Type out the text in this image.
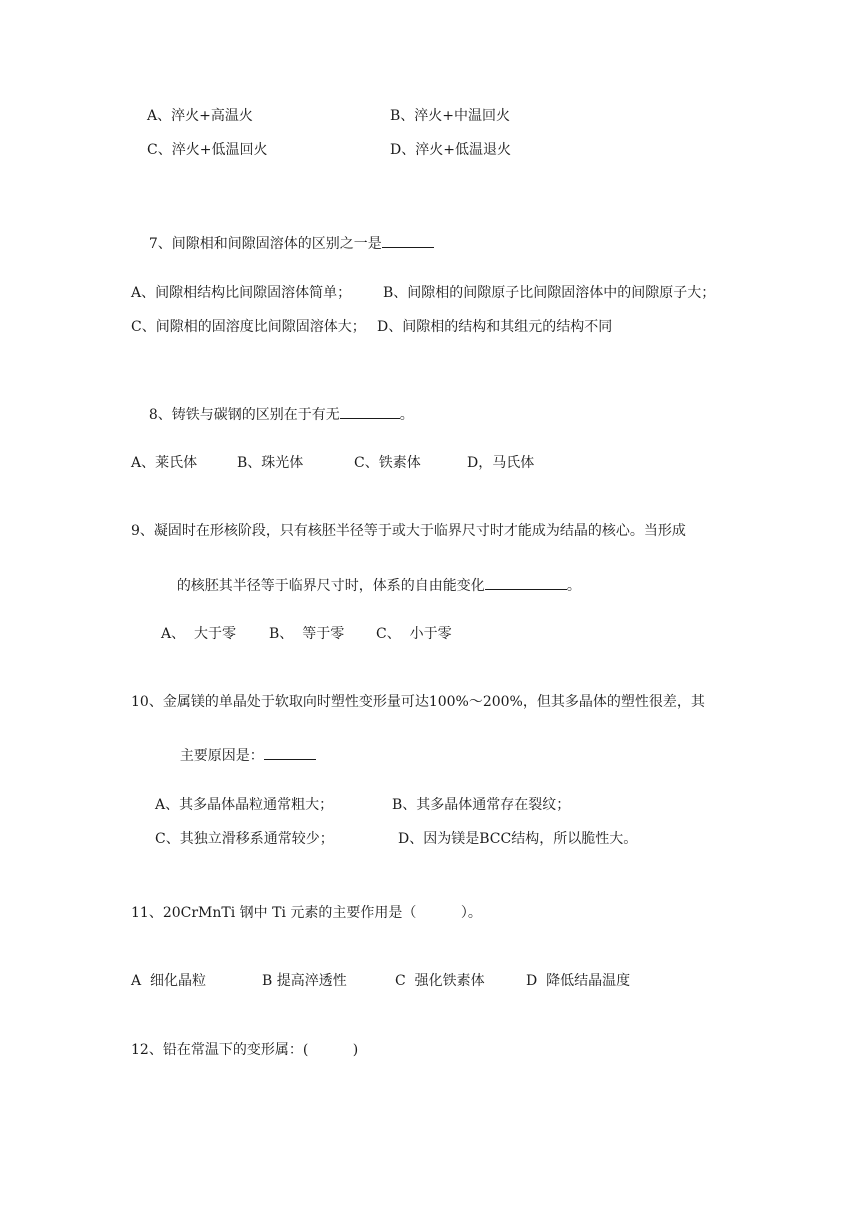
A、淬火+高温火	B、淬火+中温回火
C、淬火+低温回火	D、淬火+低温退火

7、间隙相和间隙固溶体的区别之一是

A、间隙相结构比间隙固溶体简单； B、间隙相的间隙原子比间隙固溶体中的间隙原子大；
C、间隙相的固溶度比间隙固溶体大； D、间隙相的结构和其组元的结构不同

8、铸铁与碳钢的区别在于有无	。

A、莱氏体	B、珠光体	C、铁素体	D，马氏体
9、凝固时在形核阶段，只有核胚半径等于或大于临界尺寸时才能成为结晶的核心。当形成

的核胚其半径等于临界尺寸时，体系的自由能变化	。

A、  大于零 B、  等于零 C、  小于零
10、金属镁的单晶处于软取向时塑性变形量可达100%～200%，但其多晶体的塑性很差，其

主要原因是：

A、其多晶体晶粒通常粗大；	B、其多晶体通常存在裂纹；
C、其独立滑移系通常较少；	D、因为镁是BCC结构，所以脆性大。
11、20CrMnTi 钢中 Ti 元素的主要作用是（          ）。
A  细化晶粒	B 提高淬透性	C  强化铁素体	D  降低结晶温度
12、铅在常温下的变形属：(          )
